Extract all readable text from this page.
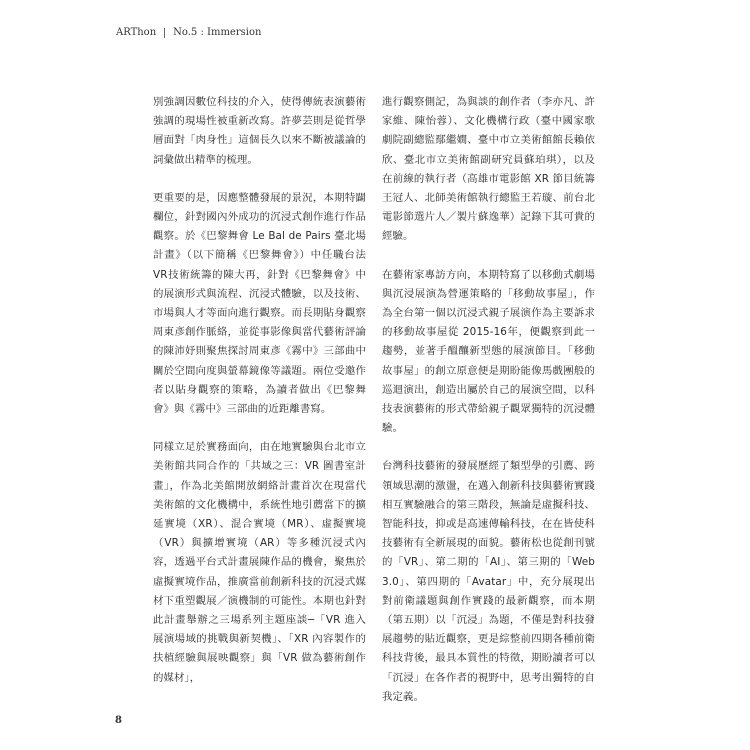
ARThon No.5 : Immersion

別強調因數位科技的介入，使得傳統表演藝術強調的現場性被重新改寫。許夢芸則是從哲學層面對「肉身性」這個長久以來不斷被議論的詞彙做出精準的梳理。

更重要的是，因應整體發展的景況，本期特闢欄位，針對國內外成功的沉浸式創作進行作品觀察。於《巴黎舞會 Le Bal de Pairs 臺北場計畫》（以下簡稱《巴黎舞會》）中任職台法 VR技術統籌的陳大再，針對《巴黎舞會》中的展演形式與流程、沉浸式體驗，以及技術、市場與人才等面向進行觀察。而長期貼身觀察周東彥創作脈絡，並從事影像與當代藝術評論的陳沛妤則聚焦探討周東彥《霧中》三部曲中關於空間向度與螢幕鏡像等議題。兩位受邀作者以貼身觀察的策略，為讀者做出《巴黎舞會》與《霧中》三部曲的近距離書寫。

同樣立足於實務面向，由在地實驗與台北市立美術館共同合作的「共域之三：VR 圖書室計畫」，作為北美館開放網絡計畫首次在現當代美術館的文化機構中，系統性地引薦當下的擴延實境（XR）、混合實境（MR）、虛擬實境（VR）與擴增實境（AR）等多種沉浸式內容，透過平台式計畫展陳作品的機會，聚焦於虛擬實境作品，推廣當前創新科技的沉浸式媒材下重塑觀展／演機制的可能性。本期也針對此計畫舉辦之三場系列主題座談─「VR 進入展演場域的挑戰與新契機」、「XR 內容製作的扶植經驗與展映觀察」與「VR 做為藝術創作的媒材」，

進行觀察側記，為與談的創作者（李亦凡、許家維、陳怡蓉）、文化機構行政（臺中國家歌劇院副總監鄢繼嫺、臺中市立美術館館長賴依欣、臺北市立美術館副研究員蘇珀琪），以及在前線的執行者（高雄市電影館 XR 節目統籌王冠人、北師美術館執行總監王若璇、前台北電影節選片人／製片蘇逸華）記錄下其可貴的經驗。

在藝術家專訪方向，本期特寫了以移動式劇場與沉浸展演為營運策略的「移動故事屋」，作為全台第一個以沉浸式親子展演作為主要訴求的移動故事屋從 2015-16年，便觀察到此一趨勢，並著手醞釀新型態的展演節目。「移動故事屋」的創立原意便是期盼能像馬戲團般的巡迴演出，創造出屬於自己的展演空間，以科技表演藝術的形式帶給親子觀眾獨特的沉浸體驗。

台灣科技藝術的發展歷經了類型學的引薦、跨領域思潮的激盪，在邁入創新科技與藝術實踐相互實驗融合的第三階段，無論是虛擬科技、智能科技，抑或是高速傳輸科技，在在皆使科技藝術有全新展現的面貌。藝術松也從創刊號的「VR」、第二期的「AI」、第三期的「Web 3.0」、第四期的「Avatar」中，充分展現出對前衛議題與創作實踐的最新觀察，而本期（第五期）以「沉浸」為題，不僅是對科技發展趨勢的貼近觀察，更是綜整前四期各種前衛科技背後，最具本質性的特徵，期盼讀者可以「沉浸」在各作者的視野中，思考出獨特的自我定義。

8
